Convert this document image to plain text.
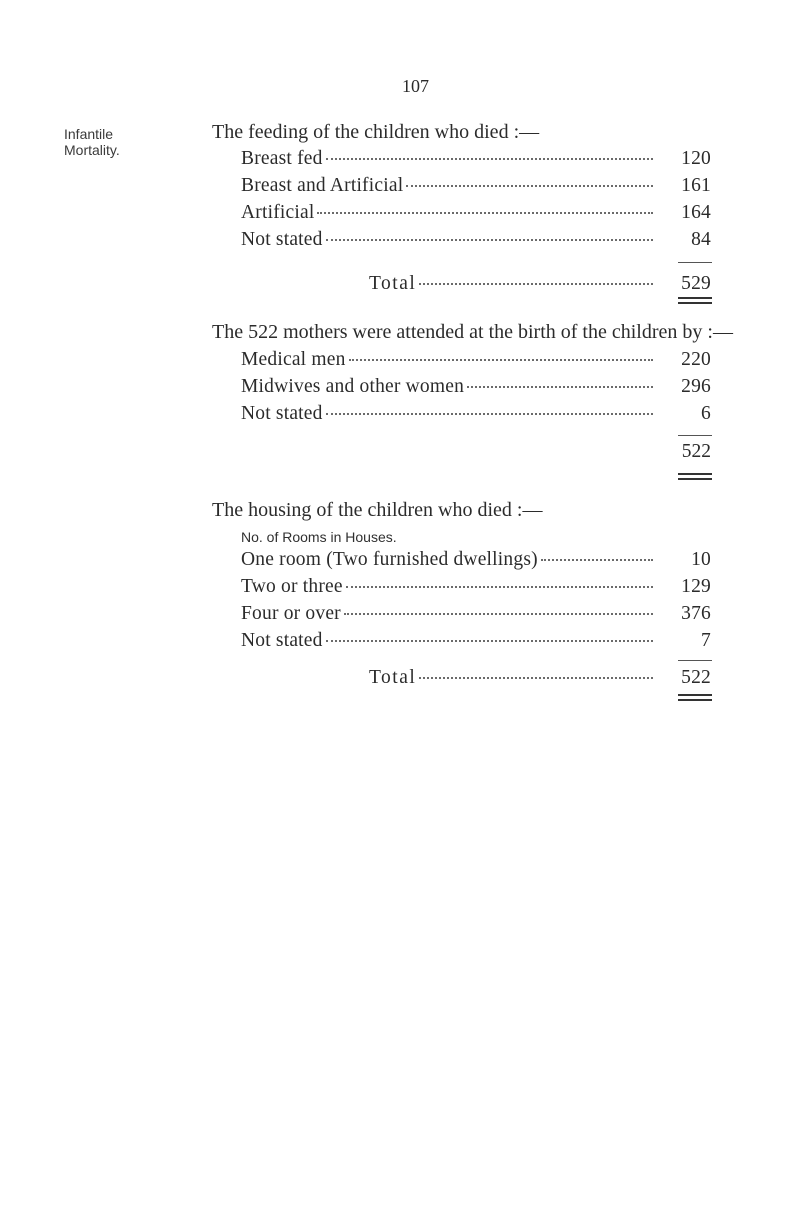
107
Infantile
Mortality.
The feeding of the children who died :—
Breast fed	120
Breast and Artificial	161
Artificial	164
Not stated	84
Total	529
The 522 mothers were attended at the birth of the children by :—
Medical men	220
Midwives and other women	296
Not stated	6
522
The housing of the children who died :—
No. of Rooms in Houses.
One room (Two furnished dwellings)	10
Two or three	129
Four or over	376
Not stated	7
Total	522
